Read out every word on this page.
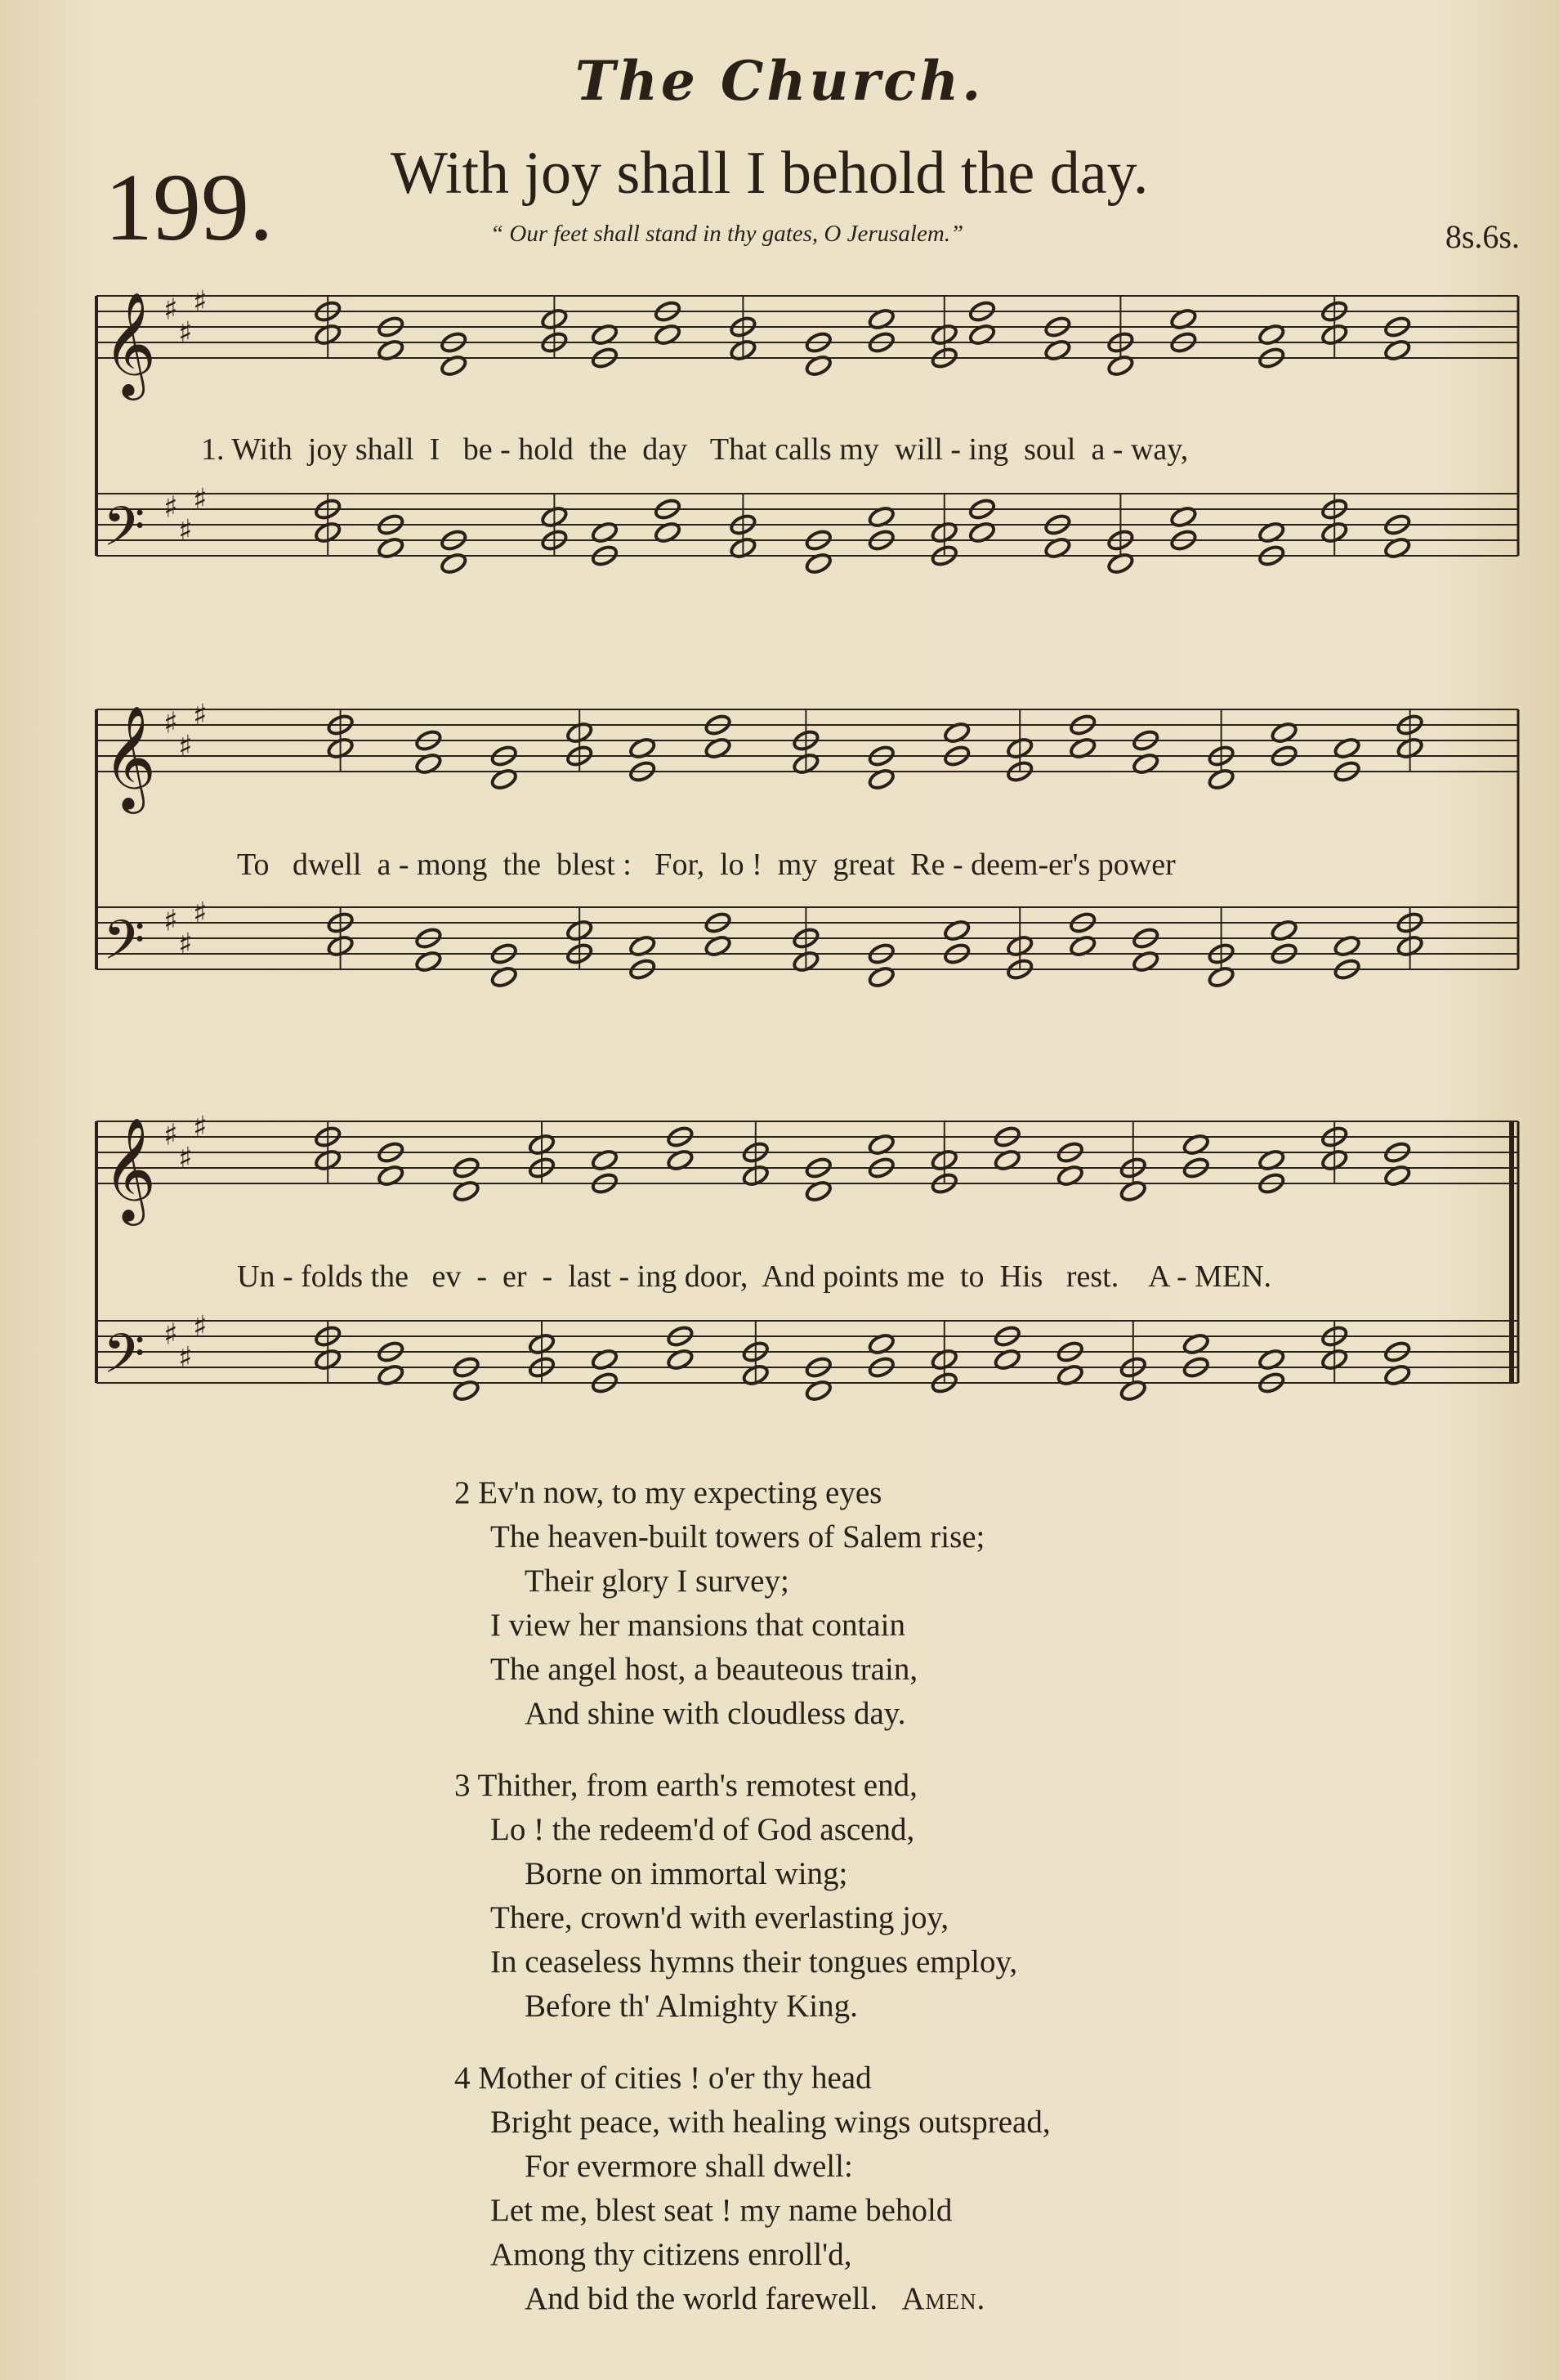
The Church.
199. With joy shall I behold the day.
“ Our feet shall stand in thy gates, O Jerusalem.”	8s.6s.
𝄞 ♯
♯
♯
𝄢 ♯
♯
♯
𝄞 ♯
♯
♯
𝄢 ♯
♯
♯
𝄞 ♯
♯
♯
𝄢 ♯
♯
♯
1. With  joy shall  I   be - hold  the  day   That calls my  will - ing  soul  a - way,
To   dwell  a - mong  the  blest :   For,  lo !  my  great  Re - deem-er's power
Un - folds the   ev  -  er  -  last - ing door,  And points me  to  His   rest.    A - MEN.
2 Ev'n now, to my expecting eyes
The heaven-built towers of Salem rise;
Their glory I survey;
I view her mansions that contain
The angel host, a beauteous train,
And shine with cloudless day.
3 Thither, from earth's remotest end,
Lo ! the redeem'd of God ascend,
Borne on immortal wing;
There, crown'd with everlasting joy,
In ceaseless hymns their tongues employ,
Before th' Almighty King.
4 Mother of cities ! o'er thy head
Bright peace, with healing wings outspread,
For evermore shall dwell:
Let me, blest seat ! my name behold
Among thy citizens enroll'd,
And bid the world farewell. Amen.
